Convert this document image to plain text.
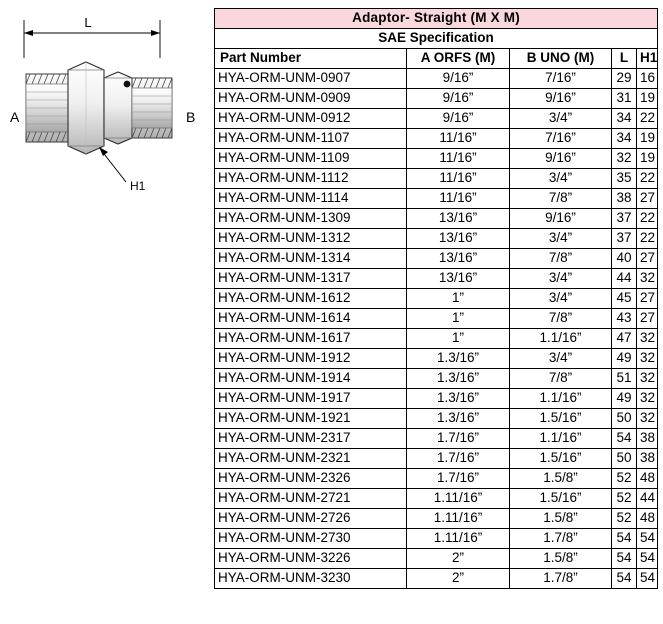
L
A	B
H1
Adaptor- Straight (M X M)				
SAE Specification				
Part Number	A ORFS (M)	B UNO (M)	L	H1
HYA-ORM-UNM-0907	9/16”	7/16”	29	16
HYA-ORM-UNM-0909	9/16”	9/16”	31	19
HYA-ORM-UNM-0912	9/16”	3/4”	34	22
HYA-ORM-UNM-1107	11/16”	7/16”	34	19
HYA-ORM-UNM-1109	11/16”	9/16”	32	19
HYA-ORM-UNM-1112	11/16”	3/4”	35	22
HYA-ORM-UNM-1114	11/16”	7/8”	38	27
HYA-ORM-UNM-1309	13/16”	9/16”	37	22
HYA-ORM-UNM-1312	13/16”	3/4”	37	22
HYA-ORM-UNM-1314	13/16”	7/8”	40	27
HYA-ORM-UNM-1317	13/16”	3/4”	44	32
HYA-ORM-UNM-1612	1”	3/4”	45	27
HYA-ORM-UNM-1614	1”	7/8”	43	27
HYA-ORM-UNM-1617	1”	1.1/16”	47	32
HYA-ORM-UNM-1912	1.3/16”	3/4”	49	32
HYA-ORM-UNM-1914	1.3/16”	7/8”	51	32
HYA-ORM-UNM-1917	1.3/16”	1.1/16”	49	32
HYA-ORM-UNM-1921	1.3/16”	1.5/16”	50	32
HYA-ORM-UNM-2317	1.7/16”	1.1/16”	54	38
HYA-ORM-UNM-2321	1.7/16”	1.5/16”	50	38
HYA-ORM-UNM-2326	1.7/16”	1.5/8”	52	48
HYA-ORM-UNM-2721	1.11/16”	1.5/16”	52	44
HYA-ORM-UNM-2726	1.11/16”	1.5/8”	52	48
HYA-ORM-UNM-2730	1.11/16”	1.7/8”	54	54
HYA-ORM-UNM-3226	2”	1.5/8”	54	54
HYA-ORM-UNM-3230	2”	1.7/8”	54	54
